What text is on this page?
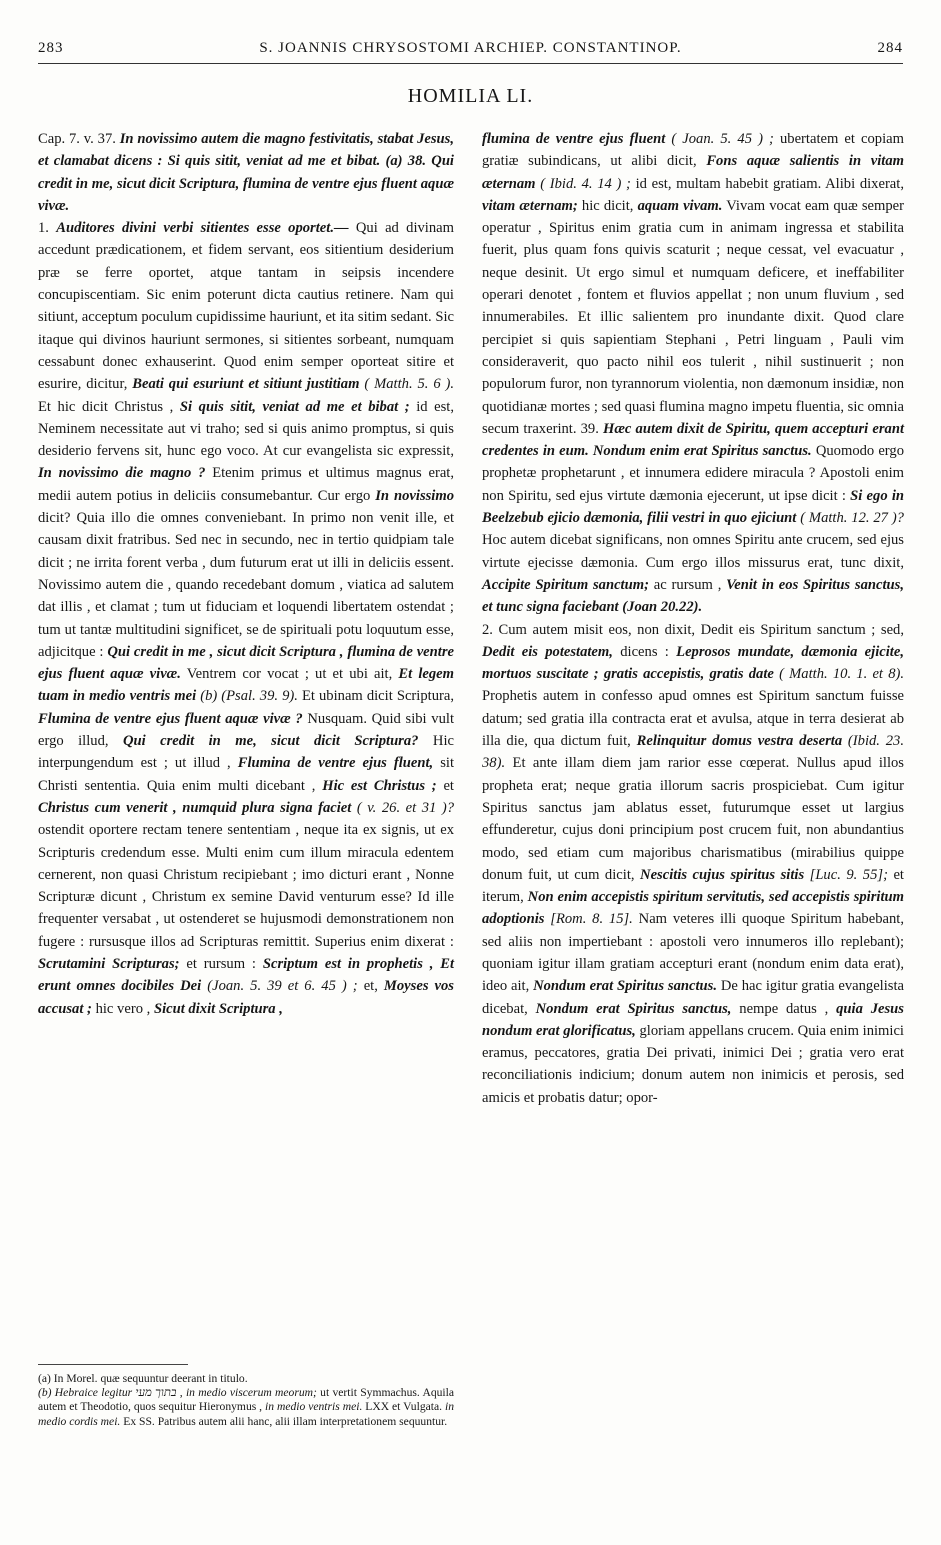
283	S. JOANNIS CHRYSOSTOMI ARCHIEP. CONSTANTINOP.	284
HOMILIA LI.

Cap. 7. v. 37. In novissimo autem die magno festivitatis, stabat Jesus, et clamabat dicens : Si quis sitit, veniat ad me et bibat. (a) 38. Qui credit in me, sicut dicit Scriptura, flumina de ventre ejus fluent aquæ vivæ.

1. Auditores divini verbi sitientes esse oportet.— Qui ad divinam accedunt prædicationem, et fidem servant, eos sitientium desiderium præ se ferre oportet, atque tantam in seipsis incendere concupiscentiam. Sic enim poterunt dicta cautius retinere. Nam qui sitiunt, acceptum poculum cupidissime hauriunt, et ita sitim sedant. Sic itaque qui divinos hauriunt sermones, si sitientes sorbeant, numquam cessabunt donec exhauserint. Quod enim semper oporteat sitire et esurire, dicitur, Beati qui esuriunt et sitiunt justitiam ( Matth. 5. 6 ). Et hic dicit Christus , Si quis sitit, veniat ad me et bibat ; id est, Neminem necessitate aut vi traho; sed si quis animo promptus, si quis desiderio fervens sit, hunc ego voco. At cur evangelista sic expressit, In novissimo die magno ? Etenim primus et ultimus magnus erat, medii autem potius in deliciis consumebantur. Cur ergo In novissimo dicit? Quia illo die omnes conveniebant. In primo non venit ille, et causam dixit fratribus. Sed nec in secundo, nec in tertio quidpiam tale dicit ; ne irrita forent verba , dum futurum erat ut illi in deliciis essent. Novissimo autem die , quando recedebant domum , viatica ad salutem dat illis , et clamat ; tum ut fiduciam et loquendi libertatem ostendat ; tum ut tantæ multitudini significet, se de spirituali potu loquutum esse, adjicitque : Qui credit in me , sicut dicit Scriptura , flumina de ventre ejus fluent aquæ vivæ. Ventrem cor vocat ; ut et ubi ait, Et legem tuam in medio ventris mei (b) (Psal. 39. 9). Et ubinam dicit Scriptura, Flumina de ventre ejus fluent aquæ vivæ ? Nusquam. Quid sibi vult ergo illud, Qui credit in me, sicut dicit Scriptura? Hic interpungendum est ; ut illud , Flumina de ventre ejus fluent, sit Christi sententia. Quia enim multi dicebant , Hic est Christus ; et Christus cum venerit , numquid plura signa faciet ( v. 26. et 31 )? ostendit oportere rectam tenere sententiam , neque ita ex signis, ut ex Scripturis credendum esse. Multi enim cum illum miracula edentem cernerent, non quasi Christum recipiebant ; imo dicturi erant , Nonne Scripturæ dicunt , Christum ex semine David venturum esse? Id ille frequenter versabat , ut ostenderet se hujusmodi demonstrationem non fugere : rursusque illos ad Scripturas remittit. Superius enim dixerat : Scrutamini Scripturas; et rursum : Scriptum est in prophetis , Et erunt omnes docibiles Dei (Joan. 5. 39 et 6. 45 ) ; et, Moyses vos accusat ; hic vero , Sicut dixit Scriptura ,

flumina de ventre ejus fluent ( Joan. 5. 45 ) ; ubertatem et copiam gratiæ subindicans, ut alibi dicit, Fons aquæ salientis in vitam æternam ( Ibid. 4. 14 ) ; id est, multam habebit gratiam. Alibi dixerat, vitam æternam; hic dicit, aquam vivam. Vivam vocat eam quæ semper operatur , Spiritus enim gratia cum in animam ingressa et stabilita fuerit, plus quam fons quivis scaturit ; neque cessat, vel evacuatur , neque desinit. Ut ergo simul et numquam deficere, et ineffabiliter operari denotet , fontem et fluvios appellat ; non unum fluvium , sed innumerabiles. Et illic salientem pro inundante dixit. Quod clare percipiet si quis sapientiam Stephani , Petri linguam , Pauli vim consideraverit, quo pacto nihil eos tulerit , nihil sustinuerit ; non populorum furor, non tyrannorum violentia, non dæmonum insidiæ, non quotidianæ mortes ; sed quasi flumina magno impetu fluentia, sic omnia secum traxerint. 39. Hæc autem dixit de Spiritu, quem accepturi erant credentes in eum. Nondum enim erat Spiritus sanctus. Quomodo ergo prophetæ prophetarunt , et innumera edidere miracula ? Apostoli enim non Spiritu, sed ejus virtute dæmonia ejecerunt, ut ipse dicit : Si ego in Beelzebub ejicio dæmonia, filii vestri in quo ejiciunt ( Matth. 12. 27 )? Hoc autem dicebat significans, non omnes Spiritu ante crucem, sed ejus virtute ejecisse dæmonia. Cum ergo illos missurus erat, tunc dixit, Accipite Spiritum sanctum; ac rursum , Venit in eos Spiritus sanctus, et tunc signa faciebant (Joan 20.22).

2. Cum autem misit eos, non dixit, Dedit eis Spiritum sanctum ; sed, Dedit eis potestatem, dicens : Leprosos mundate, dæmonia ejicite, mortuos suscitate ; gratis accepistis, gratis date ( Matth. 10. 1. et 8). Prophetis autem in confesso apud omnes est Spiritum sanctum fuisse datum; sed gratia illa contracta erat et avulsa, atque in terra desierat ab illa die, qua dictum fuit, Relinquitur domus vestra deserta (Ibid. 23. 38). Et ante illam diem jam rarior esse cœperat. Nullus apud illos propheta erat; neque gratia illorum sacris prospiciebat. Cum igitur Spiritus sanctus jam ablatus esset, futurumque esset ut largius effunderetur, cujus doni principium post crucem fuit, non abundantius modo, sed etiam cum majoribus charismatibus (mirabilius quippe donum fuit, ut cum dicit, Nescitis cujus spiritus sitis [Luc. 9. 55]; et iterum, Non enim accepistis spiritum servitutis, sed accepistis spiritum adoptionis [Rom. 8. 15]. Nam veteres illi quoque Spiritum habebant, sed aliis non impertiebant : apostoli vero innumeros illo replebant); quoniam igitur illam gratiam accepturi erant (nondum enim data erat), ideo ait, Nondum erat Spiritus sanctus. De hac igitur gratia evangelista dicebat, Nondum erat Spiritus sanctus, nempe datus , quia Jesus nondum erat glorificatus, gloriam appellans crucem. Quia enim inimici eramus, peccatores, gratia Dei privati, inimici Dei ; gratia vero erat reconciliationis indicium; donum autem non inimicis et perosis, sed amicis et probatis datur; opor-

(a) In Morel. quæ sequuntur deerant in titulo.

(b) Hebraice legitur בתוך מעי , in medio viscerum meorum; ut vertit Symmachus. Aquila autem et Theodotio, quos sequitur Hieronymus , in medio ventris mei. LXX et Vulgata. in medio cordis mei. Ex SS. Patribus autem alii hanc, alii illam interpretationem sequuntur.
